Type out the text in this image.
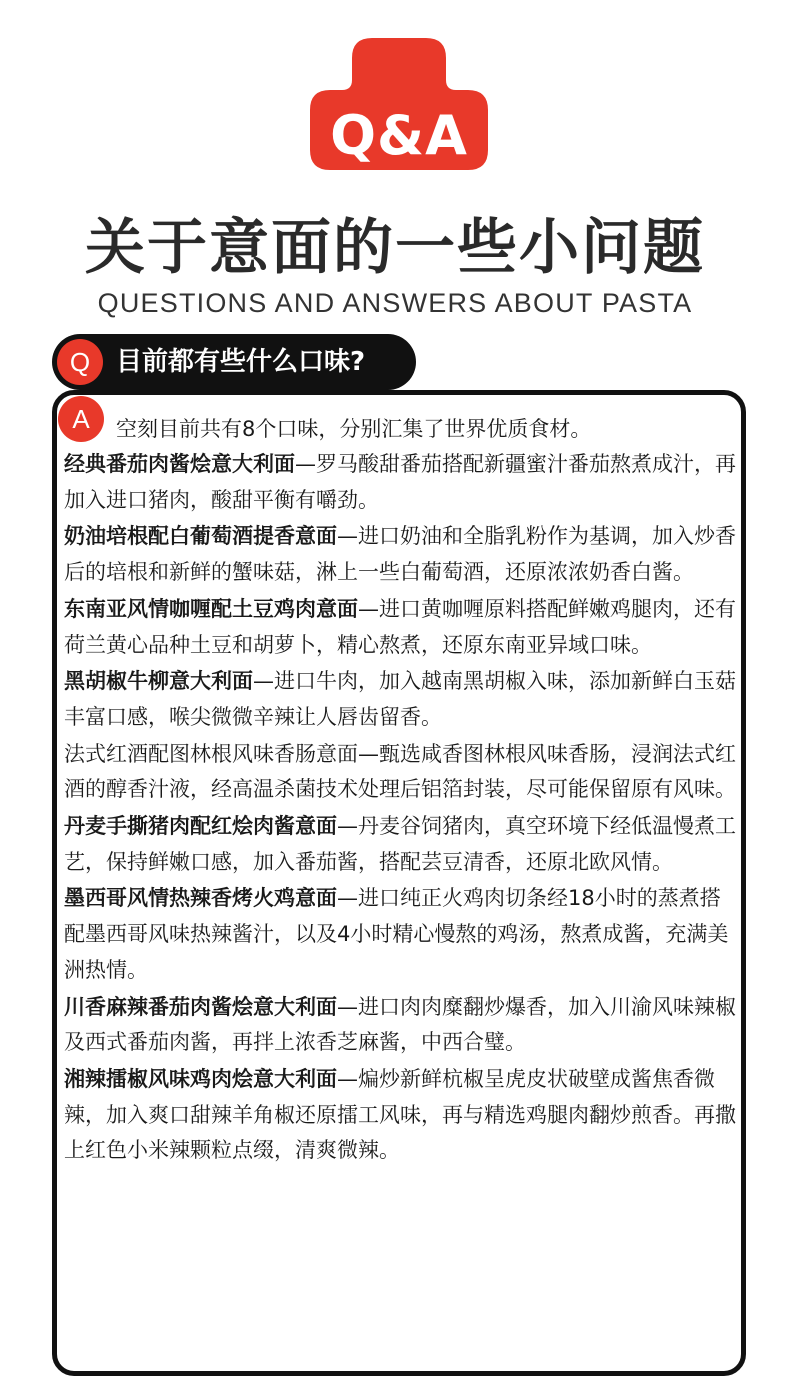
Q&A
关于意面的一些小问题
QUESTIONS AND ANSWERS ABOUT PASTA
Q 目前都有些什么口味?
A	空刻目前共有8个口味，分别汇集了世界优质食材。
经典番茄肉酱烩意大利面—罗马酸甜番茄搭配新疆蜜汁番茄熬煮成汁，再加入进口猪肉，酸甜平衡有嚼劲。
奶油培根配白葡萄酒提香意面—进口奶油和全脂乳粉作为基调，加入炒香后的培根和新鲜的蟹味菇，淋上一些白葡萄酒，还原浓浓奶香白酱。
东南亚风情咖喱配土豆鸡肉意面—进口黄咖喱原料搭配鲜嫩鸡腿肉，还有荷兰黄心品种土豆和胡萝卜，精心熬煮，还原东南亚异域口味。
黑胡椒牛柳意大利面—进口牛肉，加入越南黑胡椒入味，添加新鲜白玉菇丰富口感，喉尖微微辛辣让人唇齿留香。
法式红酒配图林根风味香肠意面—甄选咸香图林根风味香肠，浸润法式红酒的醇香汁液，经高温杀菌技术处理后铝箔封装，尽可能保留原有风味。
丹麦手撕猪肉配红烩肉酱意面—丹麦谷饲猪肉，真空环境下经低温慢煮工艺，保持鲜嫩口感，加入番茄酱，搭配芸豆清香，还原北欧风情。
墨西哥风情热辣香烤火鸡意面—进口纯正火鸡肉切条经18小时的蒸煮搭配墨西哥风味热辣酱汁，以及4小时精心慢熬的鸡汤，熬煮成酱，充满美洲热情。
川香麻辣番茄肉酱烩意大利面—进口肉肉糜翻炒爆香，加入川渝风味辣椒及西式番茄肉酱，再拌上浓香芝麻酱，中西合璧。
湘辣擂椒风味鸡肉烩意大利面—煸炒新鲜杭椒呈虎皮状破壁成酱焦香微辣，加入爽口甜辣羊角椒还原擂工风味，再与精选鸡腿肉翻炒煎香。再撒上红色小米辣颗粒点缀，清爽微辣。
